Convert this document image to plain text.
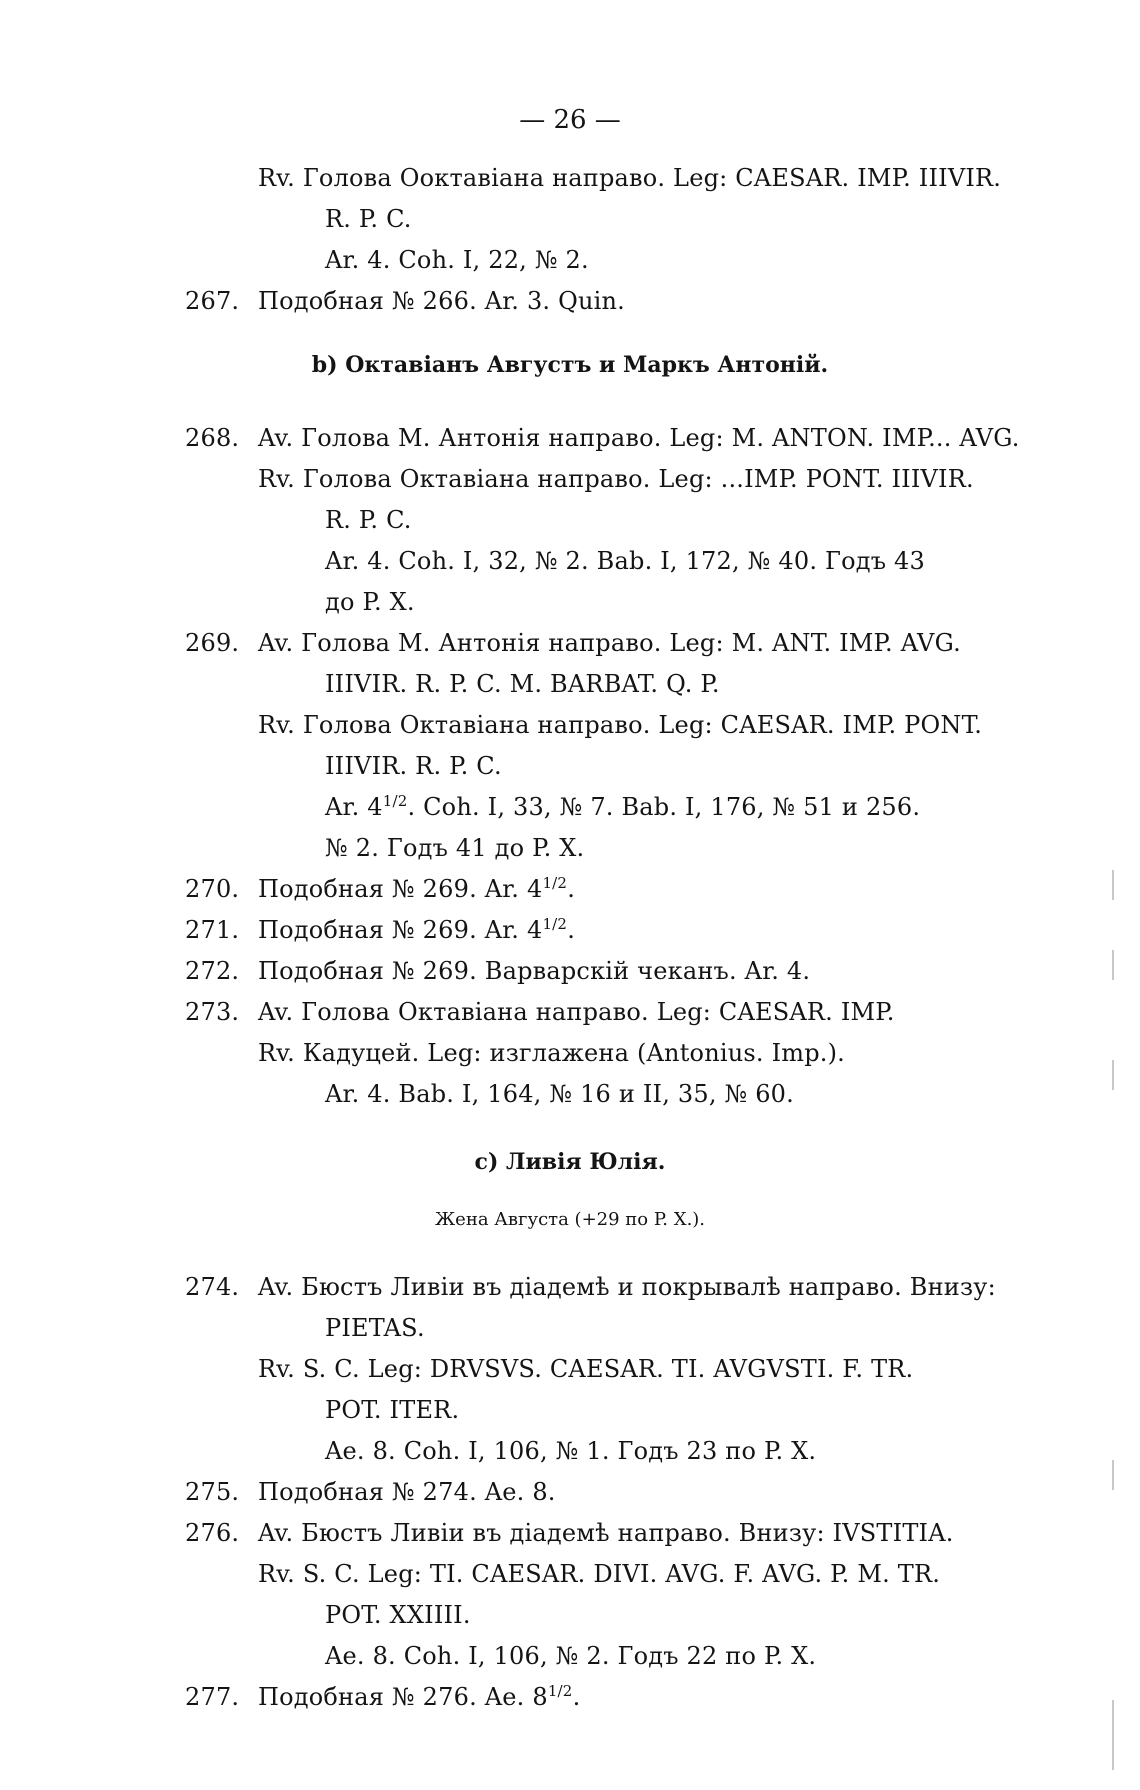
— 26 —
Rv. Голова Ооктавiана направо. Leg: CAESAR. IMP. IIIVIR.
R. P. C.
Ar. 4. Coh. I, 22, № 2.
267. Подобная № 266. Ar. 3. Quin.
b) Октавiанъ Августъ и Маркъ Антонiй.
268. Av. Голова M. Антонiя направо. Leg: M. ANTON. IMP... AVG.
Rv. Голова Октавiана направо. Leg: ...IMP. PONT. IIIVIR.
R. P. C.
Ar. 4. Coh. I, 32, № 2. Bab. I, 172, № 40. Годъ 43
до P. X.
269. Av. Голова M. Антонiя направо. Leg: M. ANT. IMP. AVG.
IIIVIR. R. P. C. M. BARBAT. Q. P.
Rv. Голова Октавiана направо. Leg: CAESAR. IMP. PONT.
IIIVIR. R. P. C.
Ar. $4^{1/2}$. Coh. I, 33, № 7. Bab. I, 176, № 51 и 256.
№ 2. Годъ 41 до P. X.
270. Подобная № 269. Ar. $4^{1/2}$.
271. Подобная № 269. Ar. $4^{1/2}$.
272. Подобная № 269. Варварскiй чеканъ. Ar. 4.
273. Av. Голова Октавiана направо. Leg: CAESAR. IMP.
Rv. Кадуцей. Leg: изглажена (Antonius. Imp.).
Ar. 4. Bab. I, 164, № 16 и II, 35, № 60.
c) Ливiя Юлiя.
Жена Августа (+29 по P. X.).
274. Av. Бюстъ Ливiи въ дiадемѣ и покрывалѣ направо. Внизу:
PIETAS.
Rv. S. C. Leg: DRVSVS. CAESAR. TI. AVGVSTI. F. TR.
POT. ITER.
Ae. 8. Coh. I, 106, № 1. Годъ 23 по P. X.
275. Подобная № 274. Ae. 8.
276. Av. Бюстъ Ливiи въ дiадемѣ направо. Внизу: IVSTITIA.
Rv. S. C. Leg: TI. CAESAR. DIVI. AVG. F. AVG. P. M. TR.
POT. XXIIII.
Ae. 8. Coh. I, 106, № 2. Годъ 22 по P. X.
277. Подобная № 276. Ae. $8^{1/2}$.
